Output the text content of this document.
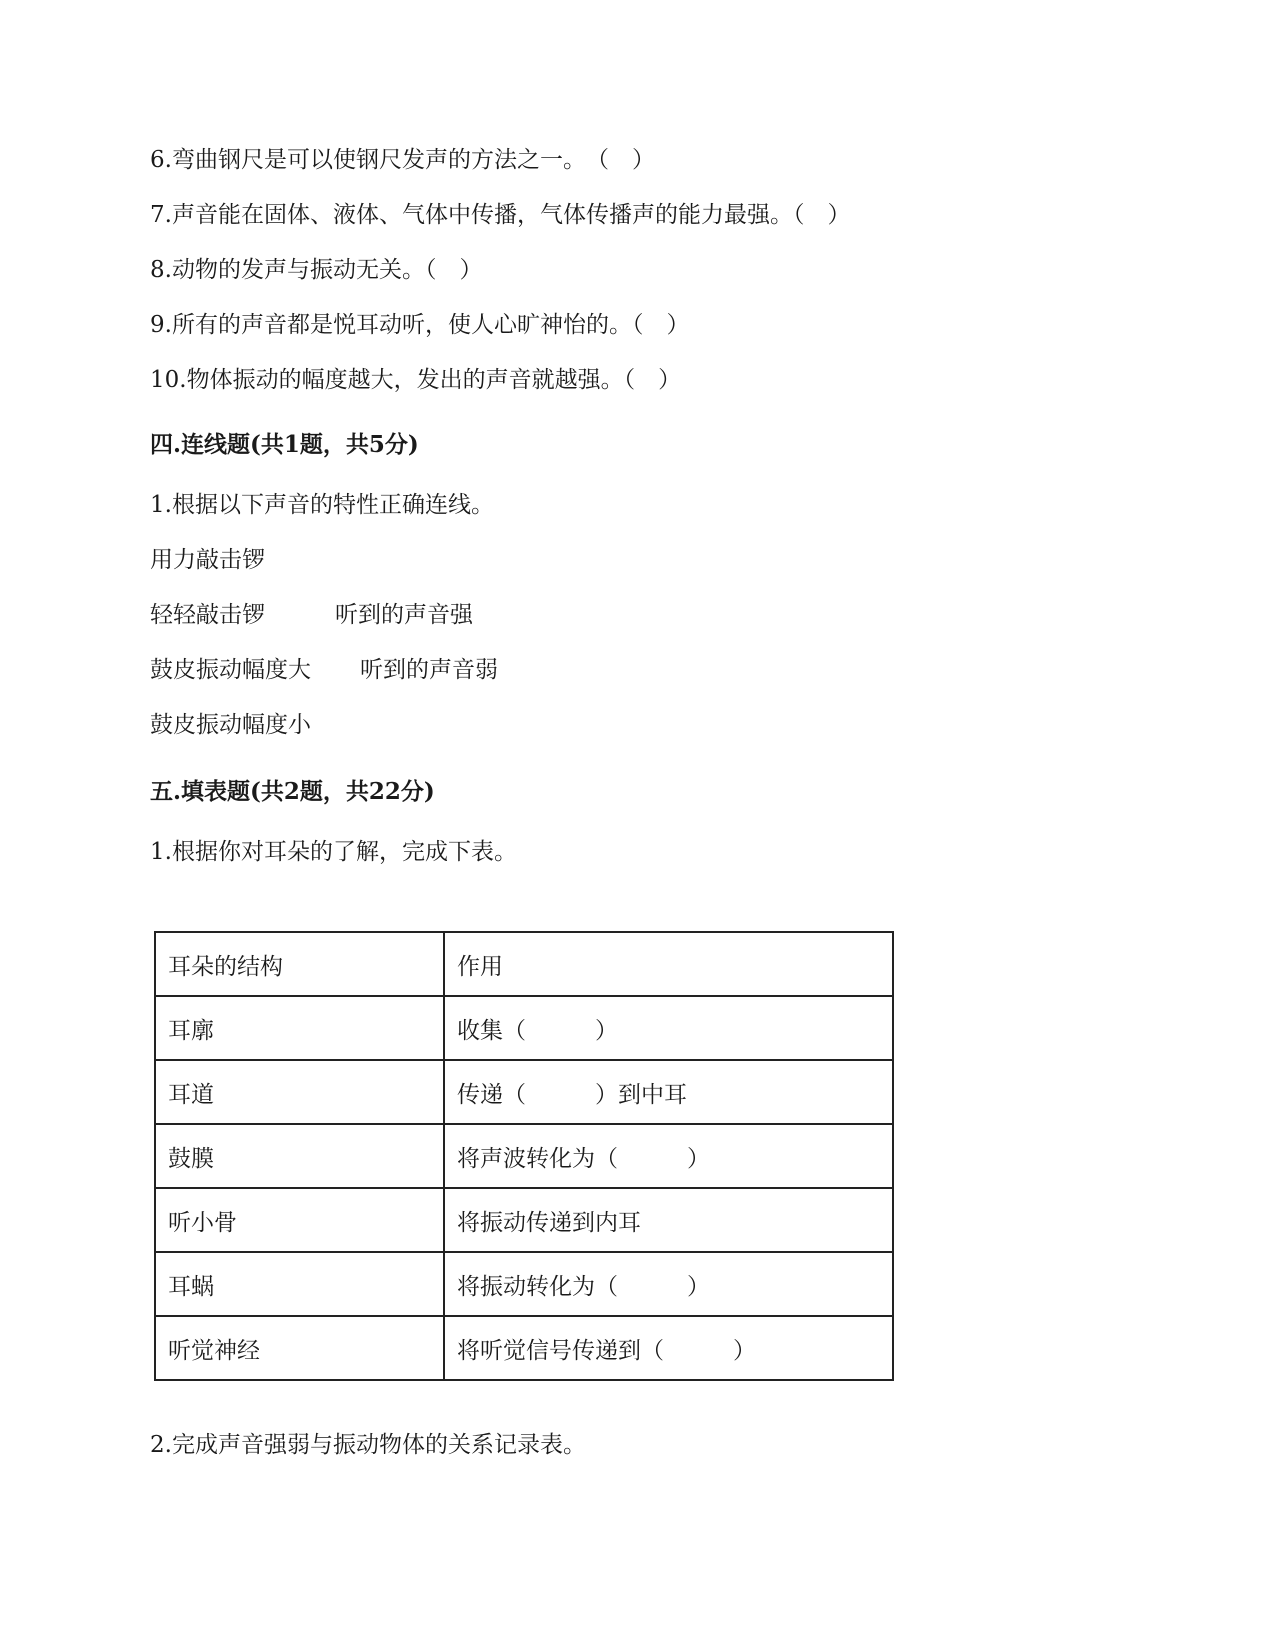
6.弯曲钢尺是可以使钢尺发声的方法之一。　（　）
7.声音能在固体、液体、气体中传播，气体传播声的能力最强。（　）
8.动物的发声与振动无关。（　）
9.所有的声音都是悦耳动听，使人心旷神怡的。（　）
10.物体振动的幅度越大，发出的声音就越强。（　）
四.连线题(共1题，共5分)
1.根据以下声音的特性正确连线。
用力敲击锣
轻轻敲击锣	听到的声音强
鼓皮振动幅度大 听到的声音弱
鼓皮振动幅度小
五.填表题(共2题，共22分)
1.根据你对耳朵的了解，完成下表。
耳朵的结构	作用
耳廓	收集（　　　）
耳道	传递（　　　）到中耳
鼓膜	将声波转化为（　　　）
听小骨	将振动传递到内耳
耳蜗	将振动转化为（　　　）
听觉神经	将听觉信号传递到（　　　）
2.完成声音强弱与振动物体的关系记录表。
